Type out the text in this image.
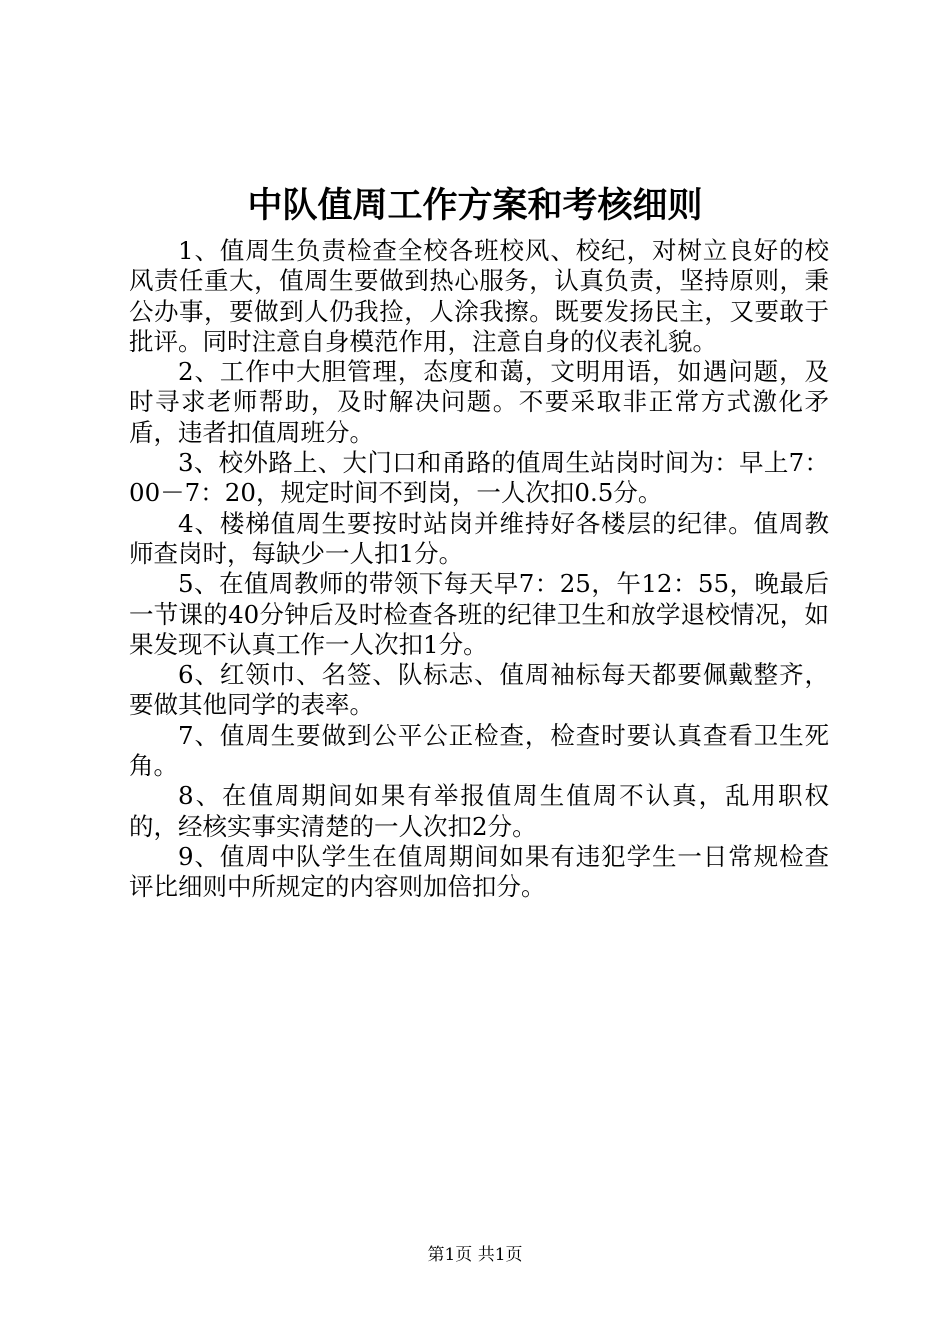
中队值周工作方案和考核细则

1、值周生负责检查全校各班校风、校纪，对树立良好的校风责任重大，值周生要做到热心服务，认真负责，坚持原则，秉公办事，要做到人仍我捡，人涂我擦。既要发扬民主，又要敢于批评。同时注意自身模范作用，注意自身的仪表礼貌。

2、工作中大胆管理，态度和蔼，文明用语，如遇问题，及时寻求老师帮助，及时解决问题。不要采取非正常方式激化矛盾，违者扣值周班分。

3、校外路上、大门口和甬路的值周生站岗时间为：早上7：00－7：20，规定时间不到岗，一人次扣0.5分。

4、楼梯值周生要按时站岗并维持好各楼层的纪律。值周教师查岗时，每缺少一人扣1分。

5、在值周教师的带领下每天早7：25，午12：55，晚最后一节课的40分钟后及时检查各班的纪律卫生和放学退校情况，如果发现不认真工作一人次扣1分。

6、红领巾、名签、队标志、值周袖标每天都要佩戴整齐，要做其他同学的表率。

7、值周生要做到公平公正检查，检查时要认真查看卫生死角。

8、在值周期间如果有举报值周生值周不认真，乱用职权的，经核实事实清楚的一人次扣2分。

9、值周中队学生在值周期间如果有违犯学生一日常规检查评比细则中所规定的内容则加倍扣分。

第1页 共1页
